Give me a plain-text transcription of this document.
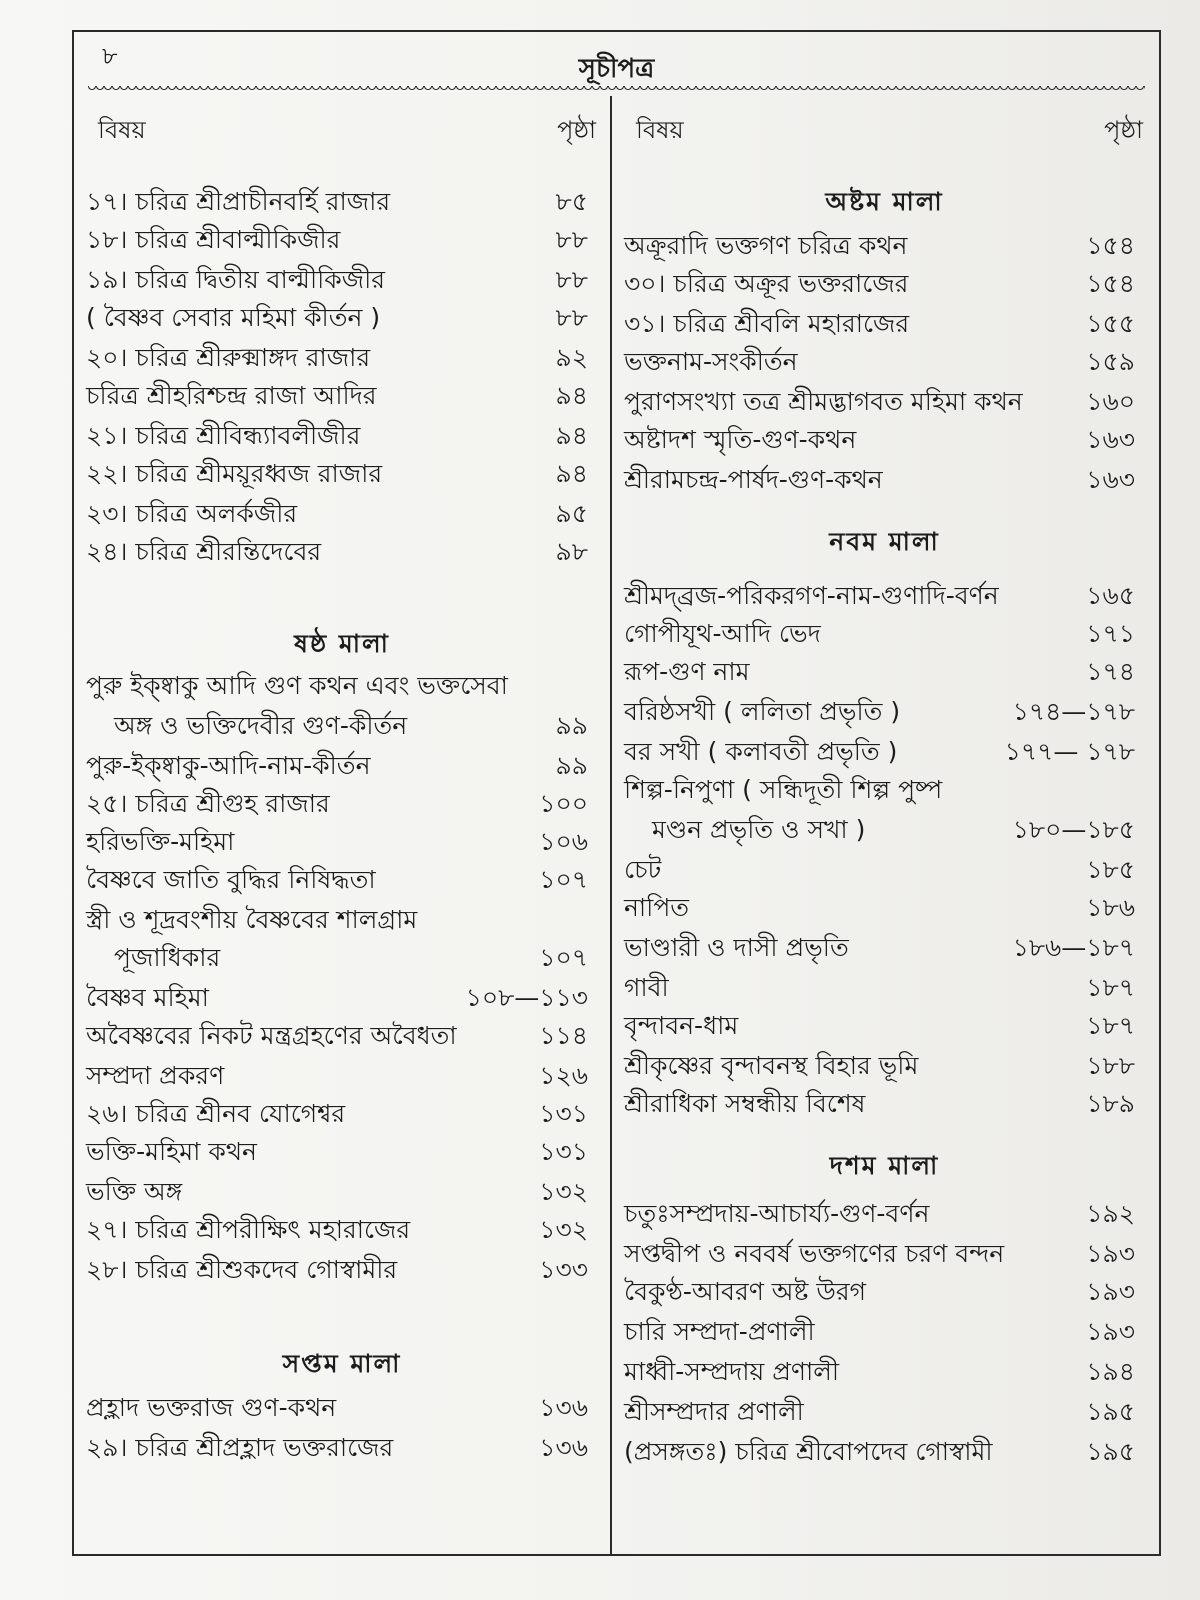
৮	সূচীপত্র
বিষয়	পৃষ্ঠা
১৭। চরিত্র শ্রীপ্রাচীনবর্হি রাজার	৮৫
১৮। চরিত্র শ্রীবাল্মীকিজীর	৮৮
১৯। চরিত্র দ্বিতীয় বাল্মীকিজীর	৮৮
( বৈষ্ণব সেবার মহিমা কীর্তন )	৮৮
২০। চরিত্র শ্রীরুক্মাঙ্গদ রাজার	৯২
চরিত্র শ্রীহরিশ্চন্দ্র রাজা আদির	৯৪
২১। চরিত্র শ্রীবিন্ধ্যাবলীজীর	৯৪
২২। চরিত্র শ্রীময়ূরধ্বজ রাজার	৯৪
২৩। চরিত্র অলর্কজীর	৯৫
২৪। চরিত্র শ্রীরন্তিদেবের	৯৮
ষষ্ঠ মালা
পুরু ইক্ষ্বাকু আদি গুণ কথন এবং ভক্তসেবা
অঙ্গ ও ভক্তিদেবীর গুণ-কীর্তন	৯৯
পুরু-ইক্ষ্বাকু-আদি-নাম-কীর্তন	৯৯
২৫। চরিত্র শ্রীগুহ রাজার	১০০
হরিভক্তি-মহিমা	১০৬
বৈষ্ণবে জাতি বুদ্ধির নিষিদ্ধতা	১০৭
স্ত্রী ও শূদ্রবংশীয় বৈষ্ণবের শালগ্রাম
পূজাধিকার	১০৭
বৈষ্ণব মহিমা	১০৮—১১৩
অবৈষ্ণবের নিকট মন্ত্রগ্রহণের অবৈধতা	১১৪
সম্প্রদা প্রকরণ	১২৬
২৬। চরিত্র শ্রীনব যোগেশ্বর	১৩১
ভক্তি-মহিমা কথন	১৩১
ভক্তি অঙ্গ	১৩২
২৭। চরিত্র শ্রীপরীক্ষিৎ মহারাজের	১৩২
২৮। চরিত্র শ্রীশুকদেব গোস্বামীর	১৩৩
সপ্তম মালা
প্রহ্লাদ ভক্তরাজ গুণ-কথন	১৩৬
২৯। চরিত্র শ্রীপ্রহ্লাদ ভক্তরাজের	১৩৬
বিষয়	পৃষ্ঠা
অষ্টম মালা
অক্রূরাদি ভক্তগণ চরিত্র কথন	১৫৪
৩০। চরিত্র অক্রূর ভক্তরাজের	১৫৪
৩১। চরিত্র শ্রীবলি মহারাজের	১৫৫
ভক্তনাম-সংকীর্তন	১৫৯
পুরাণসংখ্যা তত্র শ্রীমদ্ভাগবত মহিমা কথন	১৬০
অষ্টাদশ স্মৃতি-গুণ-কথন	১৬৩
শ্রীরামচন্দ্র-পার্ষদ-গুণ-কথন	১৬৩
নবম মালা
শ্রীমদ্‌ব্রজ-পরিকরগণ-নাম-গুণাদি-বর্ণন	১৬৫
গোপীযূথ-আদি ভেদ	১৭১
রূপ-গুণ নাম	১৭৪
বরিষ্ঠসখী ( ললিতা প্রভৃতি )	১৭৪—১৭৮
বর সখী ( কলাবতী প্রভৃতি )	১৭৭— ১৭৮
শিল্প-নিপুণা ( সন্ধিদূতী শিল্প পুষ্প
মণ্ডন প্রভৃতি ও সখা )	১৮০—১৮৫
চেট	১৮৫
নাপিত	১৮৬
ভাণ্ডারী ও দাসী প্রভৃতি	১৮৬—১৮৭
গাবী	১৮৭
বৃন্দাবন-ধাম	১৮৭
শ্রীকৃষ্ণের বৃন্দাবনস্থ বিহার ভূমি	১৮৮
শ্রীরাধিকা সম্বন্ধীয় বিশেষ	১৮৯
দশম মালা
চতুঃসম্প্রদায়-আচার্য্য-গুণ-বর্ণন	১৯২
সপ্তদ্বীপ ও নববর্ষ ভক্তগণের চরণ বন্দন	১৯৩
বৈকুণ্ঠ-আবরণ অষ্ট উরগ	১৯৩
চারি সম্প্রদা-প্রণালী	১৯৩
মাধ্বী-সম্প্রদায় প্রণালী	১৯৪
শ্রীসম্প্রদার প্রণালী	১৯৫
(প্রসঙ্গতঃ) চরিত্র শ্রীবোপদেব গোস্বামী	১৯৫
